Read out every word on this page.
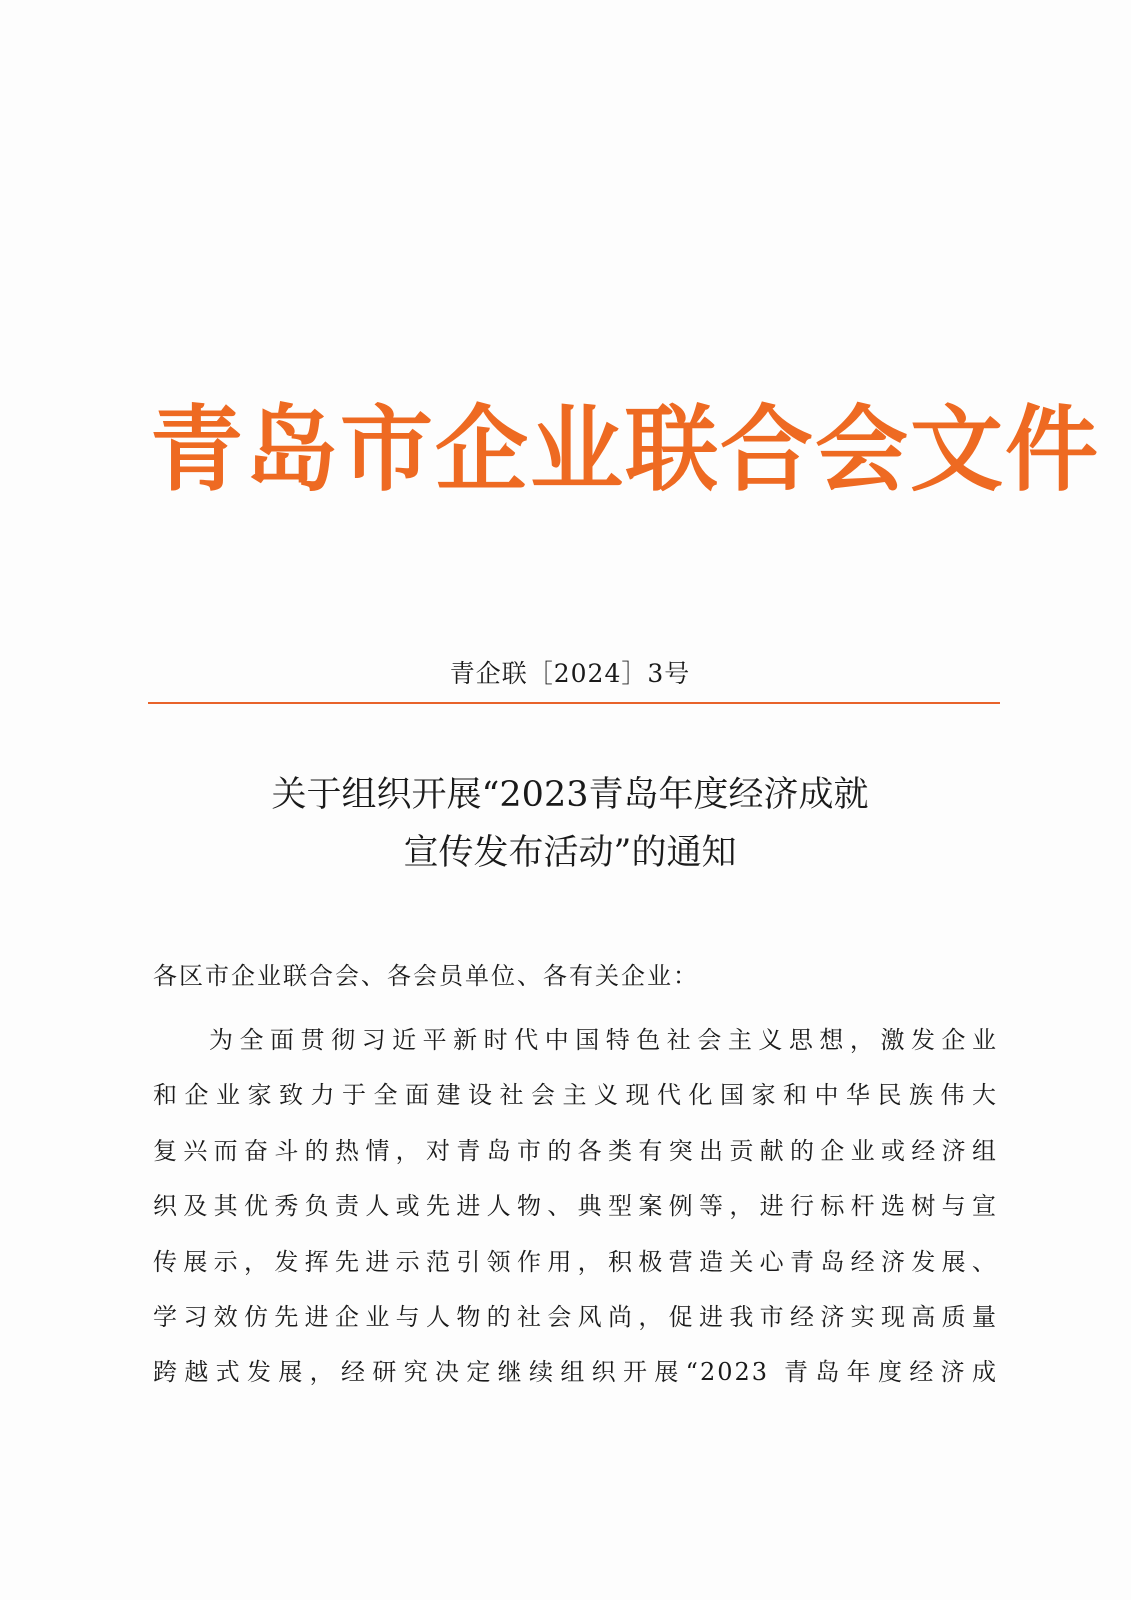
青岛市企业联合会文件
青企联［2024］3号
关于组织开展“2023青岛年度经济成就
宣传发布活动”的通知
各区市企业联合会、各会员单位、各有关企业：
为全面贯彻习近平新时代中国特色社会主义思想，激发企业
和企业家致力于全面建设社会主义现代化国家和中华民族伟大
复兴而奋斗的热情，对青岛市的各类有突出贡献的企业或经济组
织及其优秀负责人或先进人物、典型案例等，进行标杆选树与宣
传展示，发挥先进示范引领作用，积极营造关心青岛经济发展、
学习效仿先进企业与人物的社会风尚，促进我市经济实现高质量
跨越式发展，经研究决定继续组织开展“2023 青岛年度经济成
